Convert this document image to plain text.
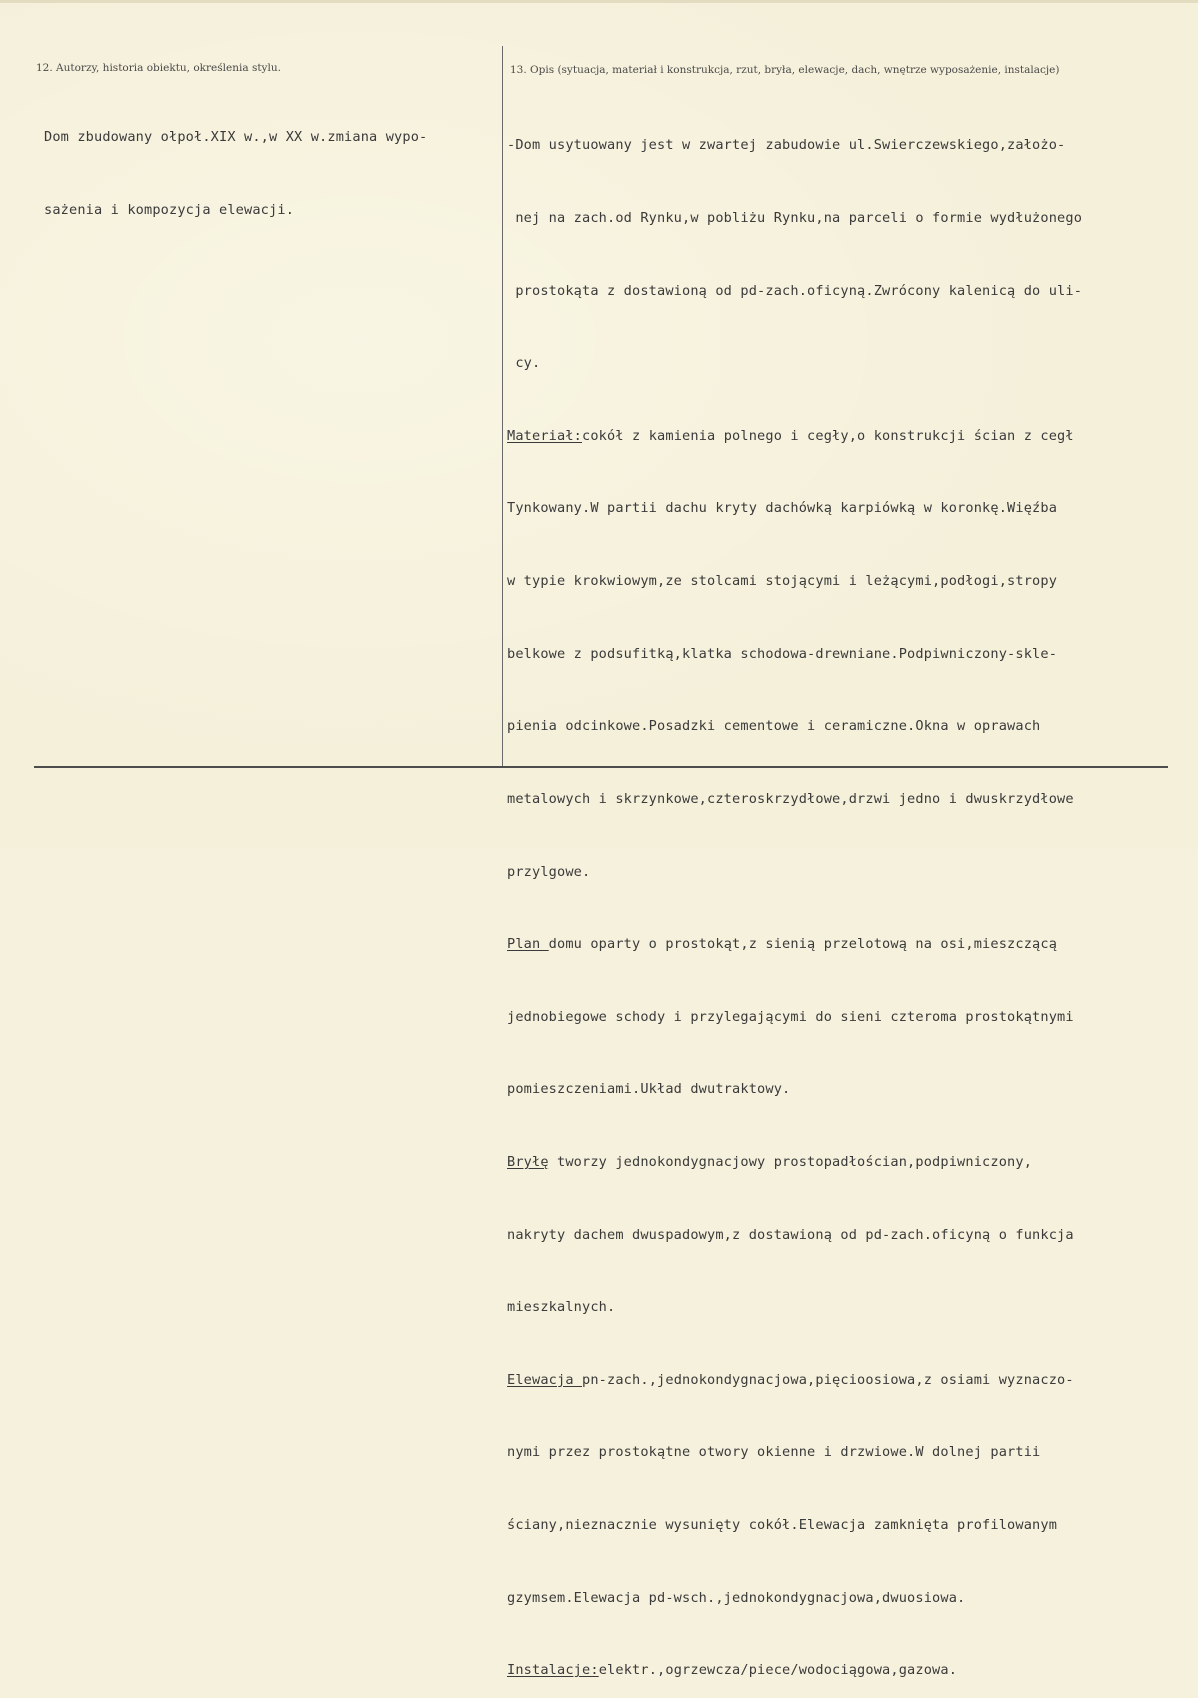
12. Autorzy, historia obiektu, określenia stylu.	13. Opis (sytuacja, materiał i konstrukcja, rzut, bryła, elewacje, dach, wnętrze wyposażenie, instalacje)

Dom zbudowany ołpoł.XIX w.,w XX w.zmiana wypo-

sażenia i kompozycja elewacji.

-Dom usytuowany jest w zwartej zabudowie ul.Swierczewskiego,założo-

nej na zach.od Rynku,w pobliżu Rynku,na parceli o formie wydłużonego

prostokąta z dostawioną od pd-zach.oficyną.Zwrócony kalenicą do uli-

cy.

Materiał:cokół z kamienia polnego i cegły,o konstrukcji ścian z cegł

Tynkowany.W partii dachu kryty dachówką karpiówką w koronkę.Więźba

w typie krokwiowym,ze stolcami stojącymi i leżącymi,podłogi,stropy

belkowe z podsufitką,klatka schodowa-drewniane.Podpiwniczony-skle-

pienia odcinkowe.Posadzki cementowe i ceramiczne.Okna w oprawach

metalowych i skrzynkowe,czteroskrzydłowe,drzwi jedno i dwuskrzydłowe

przylgowe.

Plan domu oparty o prostokąt,z sienią przelotową na osi,mieszczącą

jednobiegowe schody i przylegającymi do sieni czteroma prostokątnymi

pomieszczeniami.Układ dwutraktowy.

Bryłę tworzy jednokondygnacjowy prostopadłościan,podpiwniczony,

nakryty dachem dwuspadowym,z dostawioną od pd-zach.oficyną o funkcja

mieszkalnych.

Elewacja pn-zach.,jednokondygnacjowa,pięcioosiowa,z osiami wyznaczo-

nymi przez prostokątne otwory okienne i drzwiowe.W dolnej partii

ściany,nieznacznie wysunięty cokół.Elewacja zamknięta profilowanym

gzymsem.Elewacja pd-wsch.,jednokondygnacjowa,dwuosiowa.

Instalacje:elektr.,ogrzewcza/piece/wodociągowa,gazowa.
